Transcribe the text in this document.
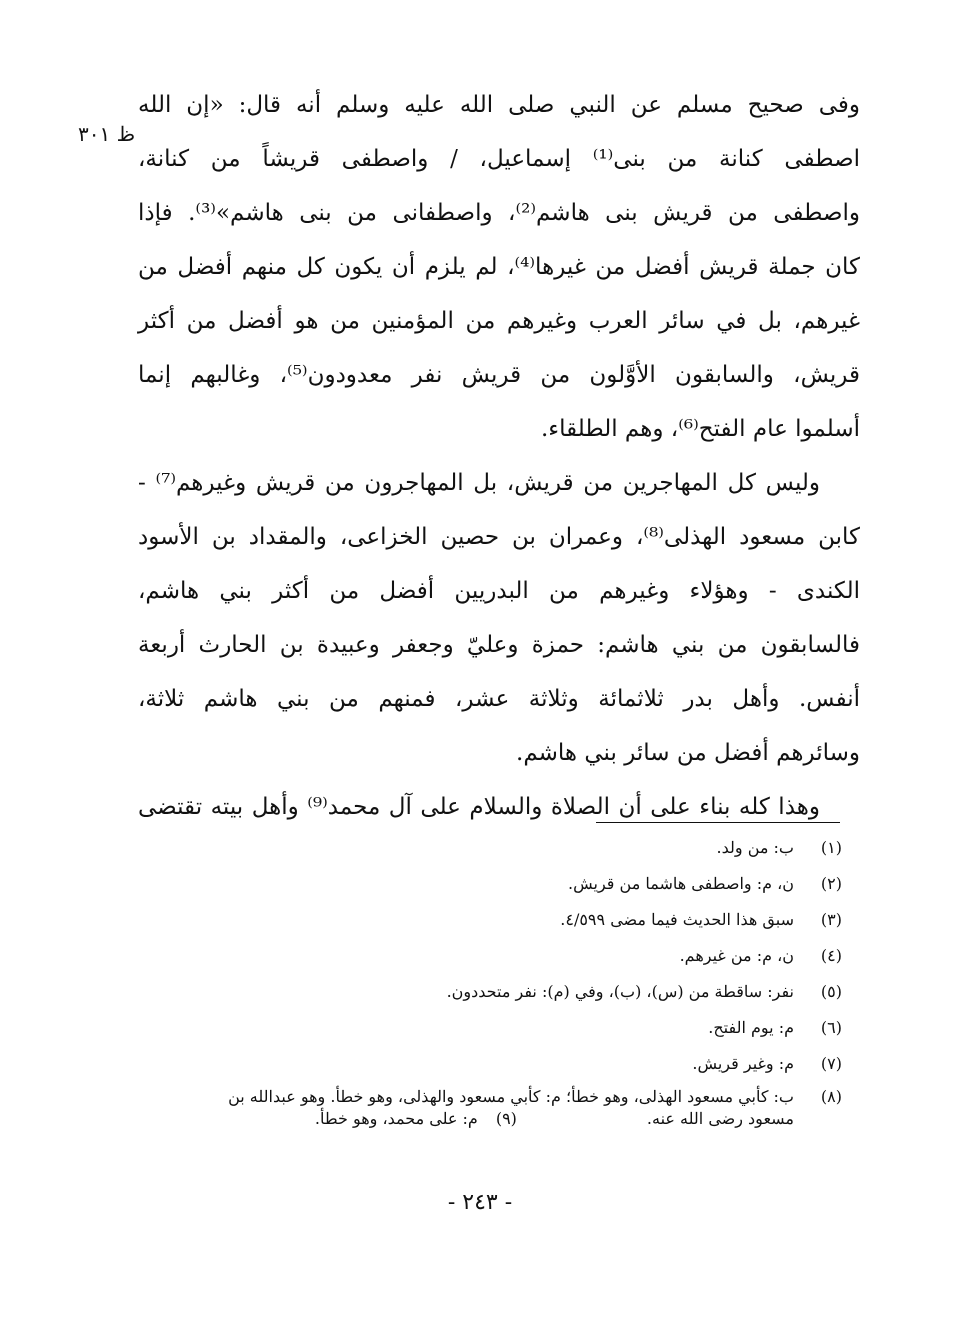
ظ ٣٠١
وفى صحيح مسلم عن النبي صلى الله عليه وسلم أنه قال: «إن الله
اصطفى كنانة من بنى⁽¹⁾ إسماعيل، / واصطفى قريشاً من كنانة،
واصطفى من قريش بنى هاشم⁽²⁾، واصطفانى من بنى هاشم»⁽³⁾. فإذا
كان جملة قريش أفضل من غيرها⁽⁴⁾، لم يلزم أن يكون كل منهم أفضل من
غيرهم، بل في سائر العرب وغيرهم من المؤمنين من هو أفضل من أكثر
قريش، والسابقون الأوَّلون من قريش نفر معدودون⁽⁵⁾، وغالبهم إنما
أسلموا عام الفتح⁽⁶⁾، وهم الطلقاء.
وليس كل المهاجرين من قريش، بل المهاجرون من قريش وغيرهم⁽⁷⁾ -
كابن مسعود الهذلى⁽⁸⁾، وعمران بن حصين الخزاعى، والمقداد بن الأسود
الكندى - وهؤلاء وغيرهم من البدريين أفضل من أكثر بني هاشم،
فالسابقون من بني هاشم: حمزة وعليّ وجعفر وعبيدة بن الحارث أربعة
أنفس. وأهل بدر ثلاثمائة وثلاثة عشر، فمنهم من بني هاشم ثلاثة،
وسائرهم أفضل من سائر بني هاشم.
وهذا كله بناء على أن الصلاة والسلام على آل محمد⁽⁹⁾ وأهل بيته تقتضى
(١)
ب: من ولد.
(٢)
ن، م: واصطفى هاشما من قريش.
(٣)
سبق هذا الحديث فيما مضى ٤/٥٩٩.
(٤)
ن، م: من غيرهم.
(٥)
نفر: ساقطة من (س)، (ب)، وفي (م): نفر متحددون.
(٦)
م: يوم الفتح.
(٧)
م: وغير قريش.
(٨)
ب: كأبي مسعود الهذلى، وهو خطأ؛ م: كأبي مسعود والهذلى، وهو خطأ. وهو عبدالله بن
مسعود رضى الله عنه.
(٩)
م: على محمد، وهو خطأ.
- ٢٤٣ -
